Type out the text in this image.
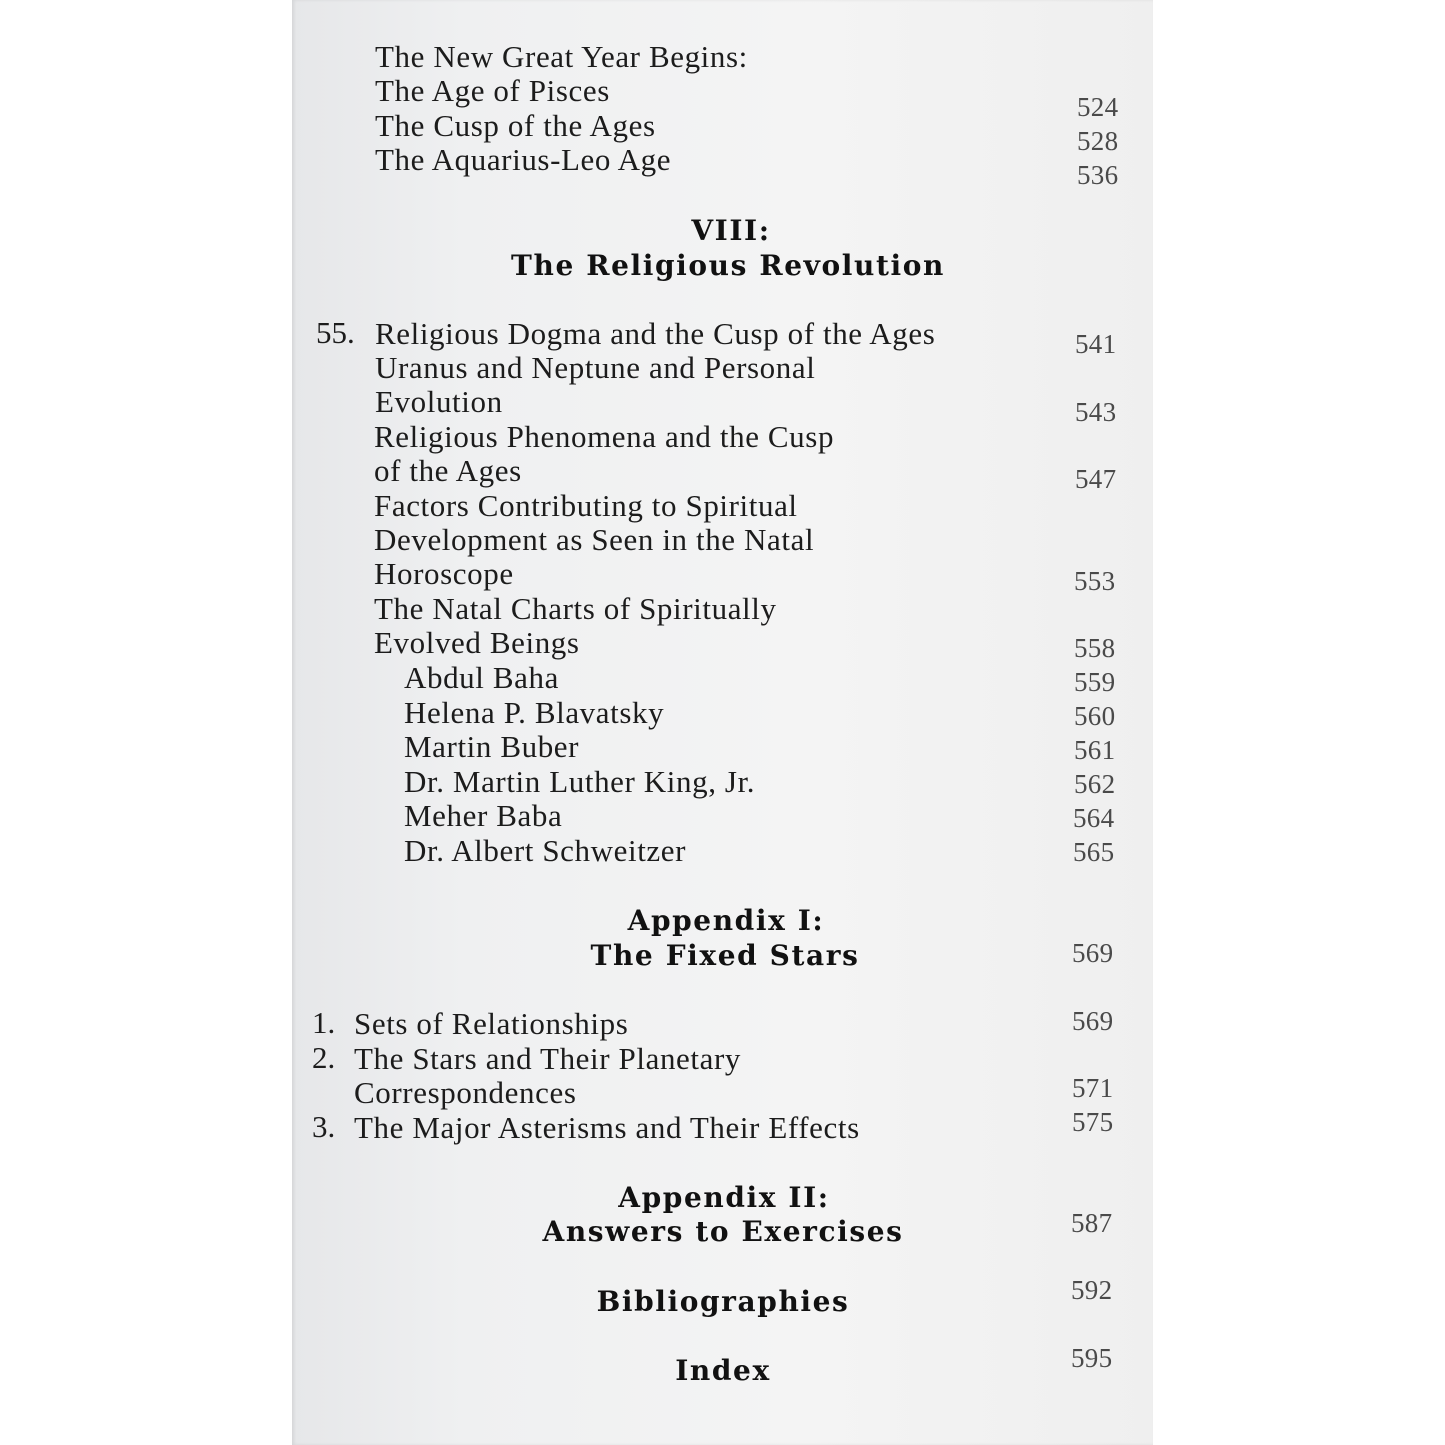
The New Great Year Begins:
The Age of Pisces	524
The Cusp of the Ages	528
The Aquarius-Leo Age	536
VIII:
The Religious Revolution
55. Religious Dogma and the Cusp of the Ages	541
Uranus and Neptune and Personal
Evolution	543
Religious Phenomena and the Cusp
of the Ages	547
Factors Contributing to Spiritual
Development as Seen in the Natal
Horoscope	553
The Natal Charts of Spiritually
Evolved Beings	558
Abdul Baha	559
Helena P. Blavatsky	560
Martin Buber	561
Dr. Martin Luther King, Jr.	562
Meher Baba	564
Dr. Albert Schweitzer	565
Appendix I:
The Fixed Stars	569
1. Sets of Relationships	569
2. The Stars and Their Planetary
Correspondences	571
3. The Major Asterisms and Their Effects	575
Appendix II:
Answers to Exercises	587
Bibliographies	592
Index	595
